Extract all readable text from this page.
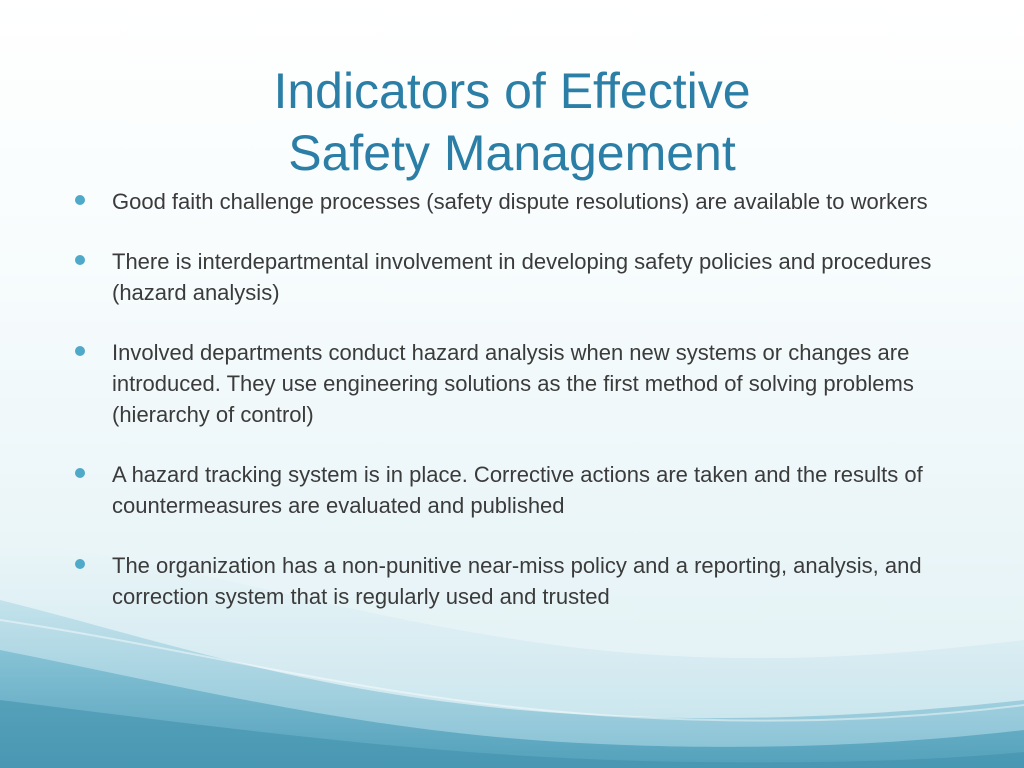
Indicators of Effective
Safety Management
Good faith challenge processes (safety dispute resolutions) are available to workers
There is interdepartmental involvement in developing safety policies and procedures (hazard analysis)
Involved departments conduct hazard analysis when new systems or changes are introduced. They use engineering solutions as the first method of solving problems (hierarchy of control)
A hazard tracking system is in place. Corrective actions are taken and the results of countermeasures are evaluated and published
The organization has a non-punitive near-miss policy and a reporting, analysis, and correction system that is regularly used and trusted
